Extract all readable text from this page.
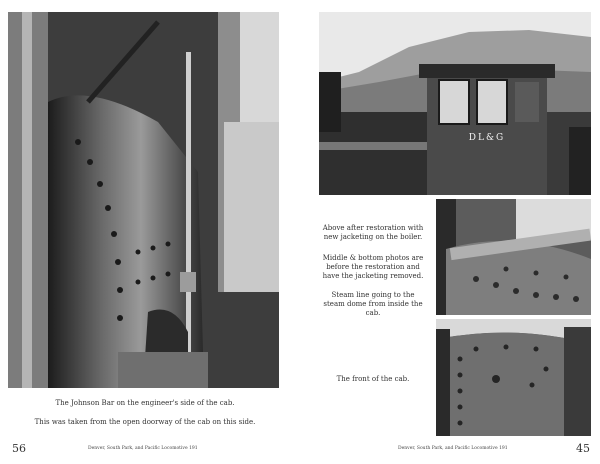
The Johnson Bar on the engineer's side of the cab.
This was taken from the open doorway of the cab on this side.
56	Denver, South Park, and Pacific Locomotive 191
DL&G
Above after restoration with new jacketing on the boiler.
Middle & bottom photos are before the restoration and have the jacketing removed.
Steam line going to the steam dome from inside the cab.
The front of the cab.
Denver, South Park, and Pacific Locomotive 191	45
